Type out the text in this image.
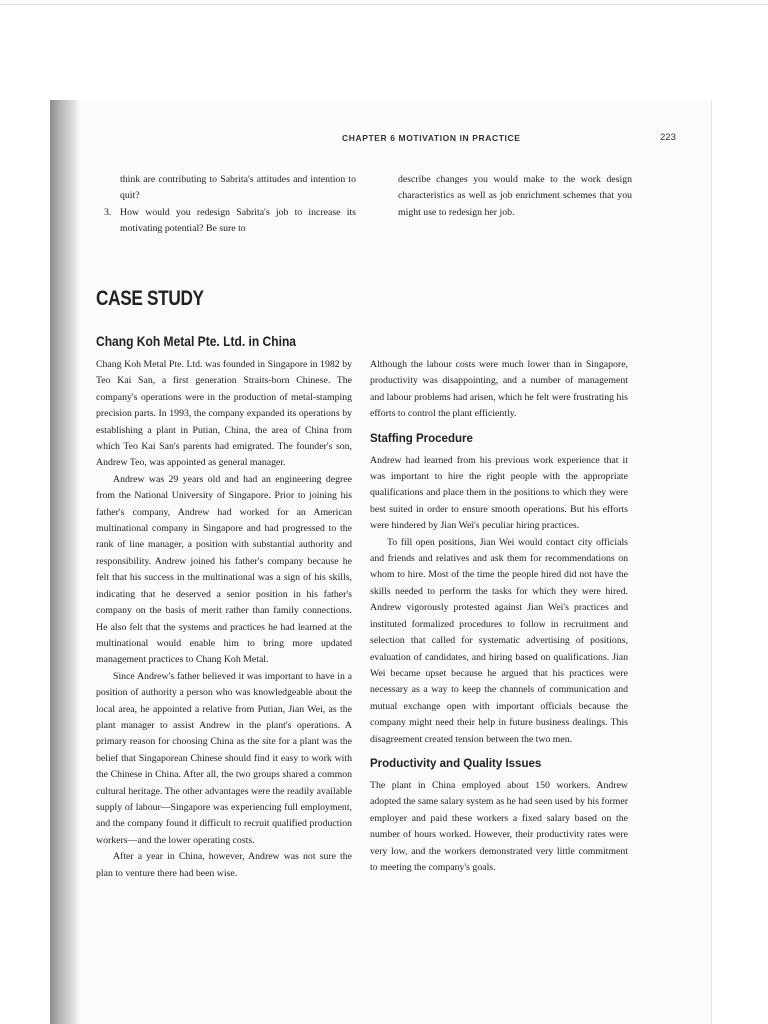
CHAPTER 6 MOTIVATION IN PRACTICE	223
think are contributing to Sabrita's attitudes and intention to quit?
3. How would you redesign Sabrita's job to increase its motivating potential? Be sure to
describe changes you would make to the work design characteristics as well as job enrichment schemes that you might use to redesign her job.
CASE STUDY
Chang Koh Metal Pte. Ltd. in China

Chang Koh Metal Pte. Ltd. was founded in Singapore in 1982 by Teo Kai San, a first generation Straits-born Chinese. The company's operations were in the production of metal-stamping precision parts. In 1993, the company expanded its operations by establishing a plant in Putian, China, the area of China from which Teo Kai San's parents had emigrated. The founder's son, Andrew Teo, was appointed as general manager.

Andrew was 29 years old and had an engineering degree from the National University of Singapore. Prior to joining his father's company, Andrew had worked for an American multinational company in Singapore and had progressed to the rank of line manager, a position with substantial authority and responsibility. Andrew joined his father's company because he felt that his success in the multinational was a sign of his skills, indicating that he deserved a senior position in his father's company on the basis of merit rather than family connections. He also felt that the systems and practices he had learned at the multinational would enable him to bring more updated management practices to Chang Koh Metal.

Since Andrew's father believed it was important to have in a position of authority a person who was knowledgeable about the local area, he appointed a relative from Putian, Jian Wei, as the plant manager to assist Andrew in the plant's operations. A primary reason for choosing China as the site for a plant was the belief that Singaporean Chinese should find it easy to work with the Chinese in China. After all, the two groups shared a common cultural heritage. The other advantages were the readily available supply of labour—Singapore was experiencing full employment, and the company found it difficult to recruit qualified production workers—and the lower operating costs.

After a year in China, however, Andrew was not sure the plan to venture there had been wise.

Although the labour costs were much lower than in Singapore, productivity was disappointing, and a number of management and labour problems had arisen, which he felt were frustrating his efforts to control the plant efficiently.

Staffing Procedure

Andrew had learned from his previous work experience that it was important to hire the right people with the appropriate qualifications and place them in the positions to which they were best suited in order to ensure smooth operations. But his efforts were hindered by Jian Wei's peculiar hiring practices.

To fill open positions, Jian Wei would contact city officials and friends and relatives and ask them for recommendations on whom to hire. Most of the time the people hired did not have the skills needed to perform the tasks for which they were hired. Andrew vigorously protested against Jian Wei's practices and instituted formalized procedures to follow in recruitment and selection that called for systematic advertising of positions, evaluation of candidates, and hiring based on qualifications. Jian Wei became upset because he argued that his practices were necessary as a way to keep the channels of communication and mutual exchange open with important officials because the company might need their help in future business dealings. This disagreement created tension between the two men.

Productivity and Quality Issues

The plant in China employed about 150 workers. Andrew adopted the same salary system as he had seen used by his former employer and paid these workers a fixed salary based on the number of hours worked. However, their productivity rates were very low, and the workers demonstrated very little commitment to meeting the company's goals.
